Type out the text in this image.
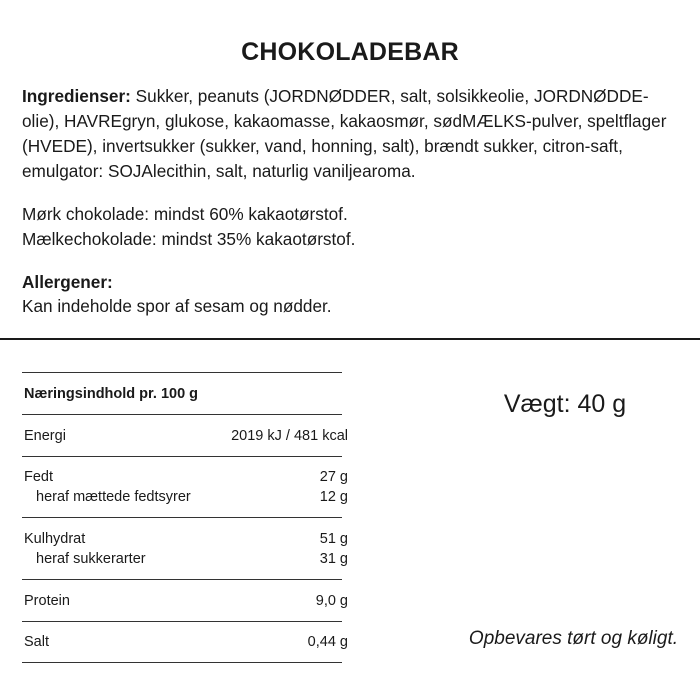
CHOKOLADEBAR
Ingredienser: Sukker, peanuts (JORDNØDDER, salt, solsikkeolie, JORDNØDDE-olie), HAVREgryn, glukose, kakaomasse, kakaosmør, sødMÆLKS-pulver, speltflager (HVEDE), invertsukker (sukker, vand, honning, salt), brændt sukker, citron-saft, emulgator: SOJAlecithin, salt, naturlig vaniljearoma.
Mørk chokolade: mindst 60% kakaotørstof.
Mælkechokolade: mindst 35% kakaotørstof.
Allergener:
Kan indeholde spor af sesam og nødder.
Næringsindhold pr. 100 g
Energi	2019 kJ / 481 kcal
Fedt	27 g
heraf mættede fedtsyrer	12 g
Kulhydrat	51 g
heraf sukkerarter	31 g
Protein	9,0 g
Salt	0,44 g
Vægt: 40 g
Opbevares tørt og køligt.
